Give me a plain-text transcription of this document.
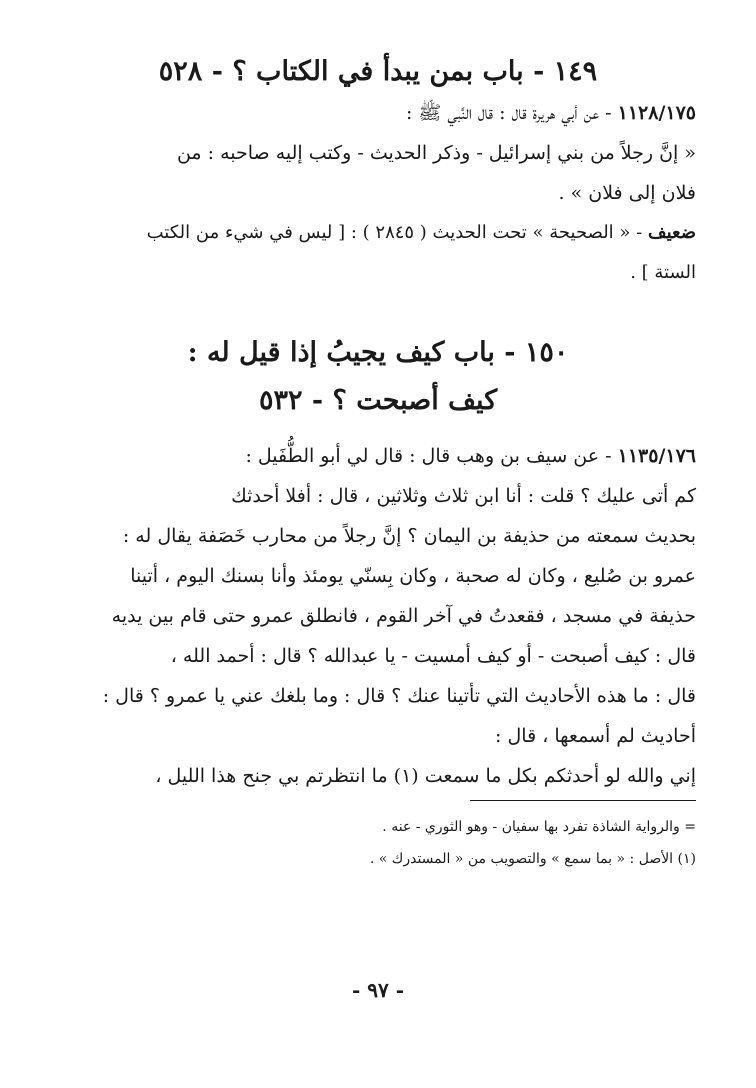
١٤٩ - باب بمن يبدأ في الكتاب ؟ - ٥٢٨

١١٢٨/١٧٥ - عن أبي هريرة قال : قال النَّبي ﷺ :

« إنَّ رجلاً من بني إسرائيل - وذكر الحديث - وكتب إليه صاحبه : من

فلان إلى فلان » .

ضعيف - « الصحيحة » تحت الحديث ( ٢٨٤٥ ) : [ ليس في شيء من الكتب

الستة ] .

١٥٠ - باب كيف يجيبُ إذا قيل له :
كيف أصبحت ؟ - ٥٣٢

١١٣٥/١٧٦ - عن سيف بن وهب قال : قال لي أبو الطُّفَيل :

كم أتى عليك ؟ قلت : أنا ابن ثلاث وثلاثين ، قال : أفلا أحدثك

بحديث سمعته من حذيفة بن اليمان ؟ إنَّ رجلاً من محارب خَصَفة يقال له :

عمرو بن صُليع ، وكان له صحبة ، وكان بِسنّي يومئذ وأنا بسنك اليوم ، أتينا

حذيفة في مسجد ، فقعدتُ في آخر القوم ، فانطلق عمرو حتى قام بين يديه

قال : كيف أصبحت - أو كيف أمسيت - يا عبدالله ؟ قال : أحمد الله ،

قال : ما هذه الأحاديث التي تأتينا عنك ؟ قال : وما بلغك عني يا عمرو ؟ قال :

أحاديث لم أسمعها ، قال :

إني والله لو أحدثكم بكل ما سمعت (١) ما انتظرتم بي جنح هذا الليل ،

= والرواية الشاذة تفرد بها سفيان - وهو الثوري - عنه .

(١) الأصل : « بما سمع » والتصويب من « المستدرك » .

- ٩٧ -
